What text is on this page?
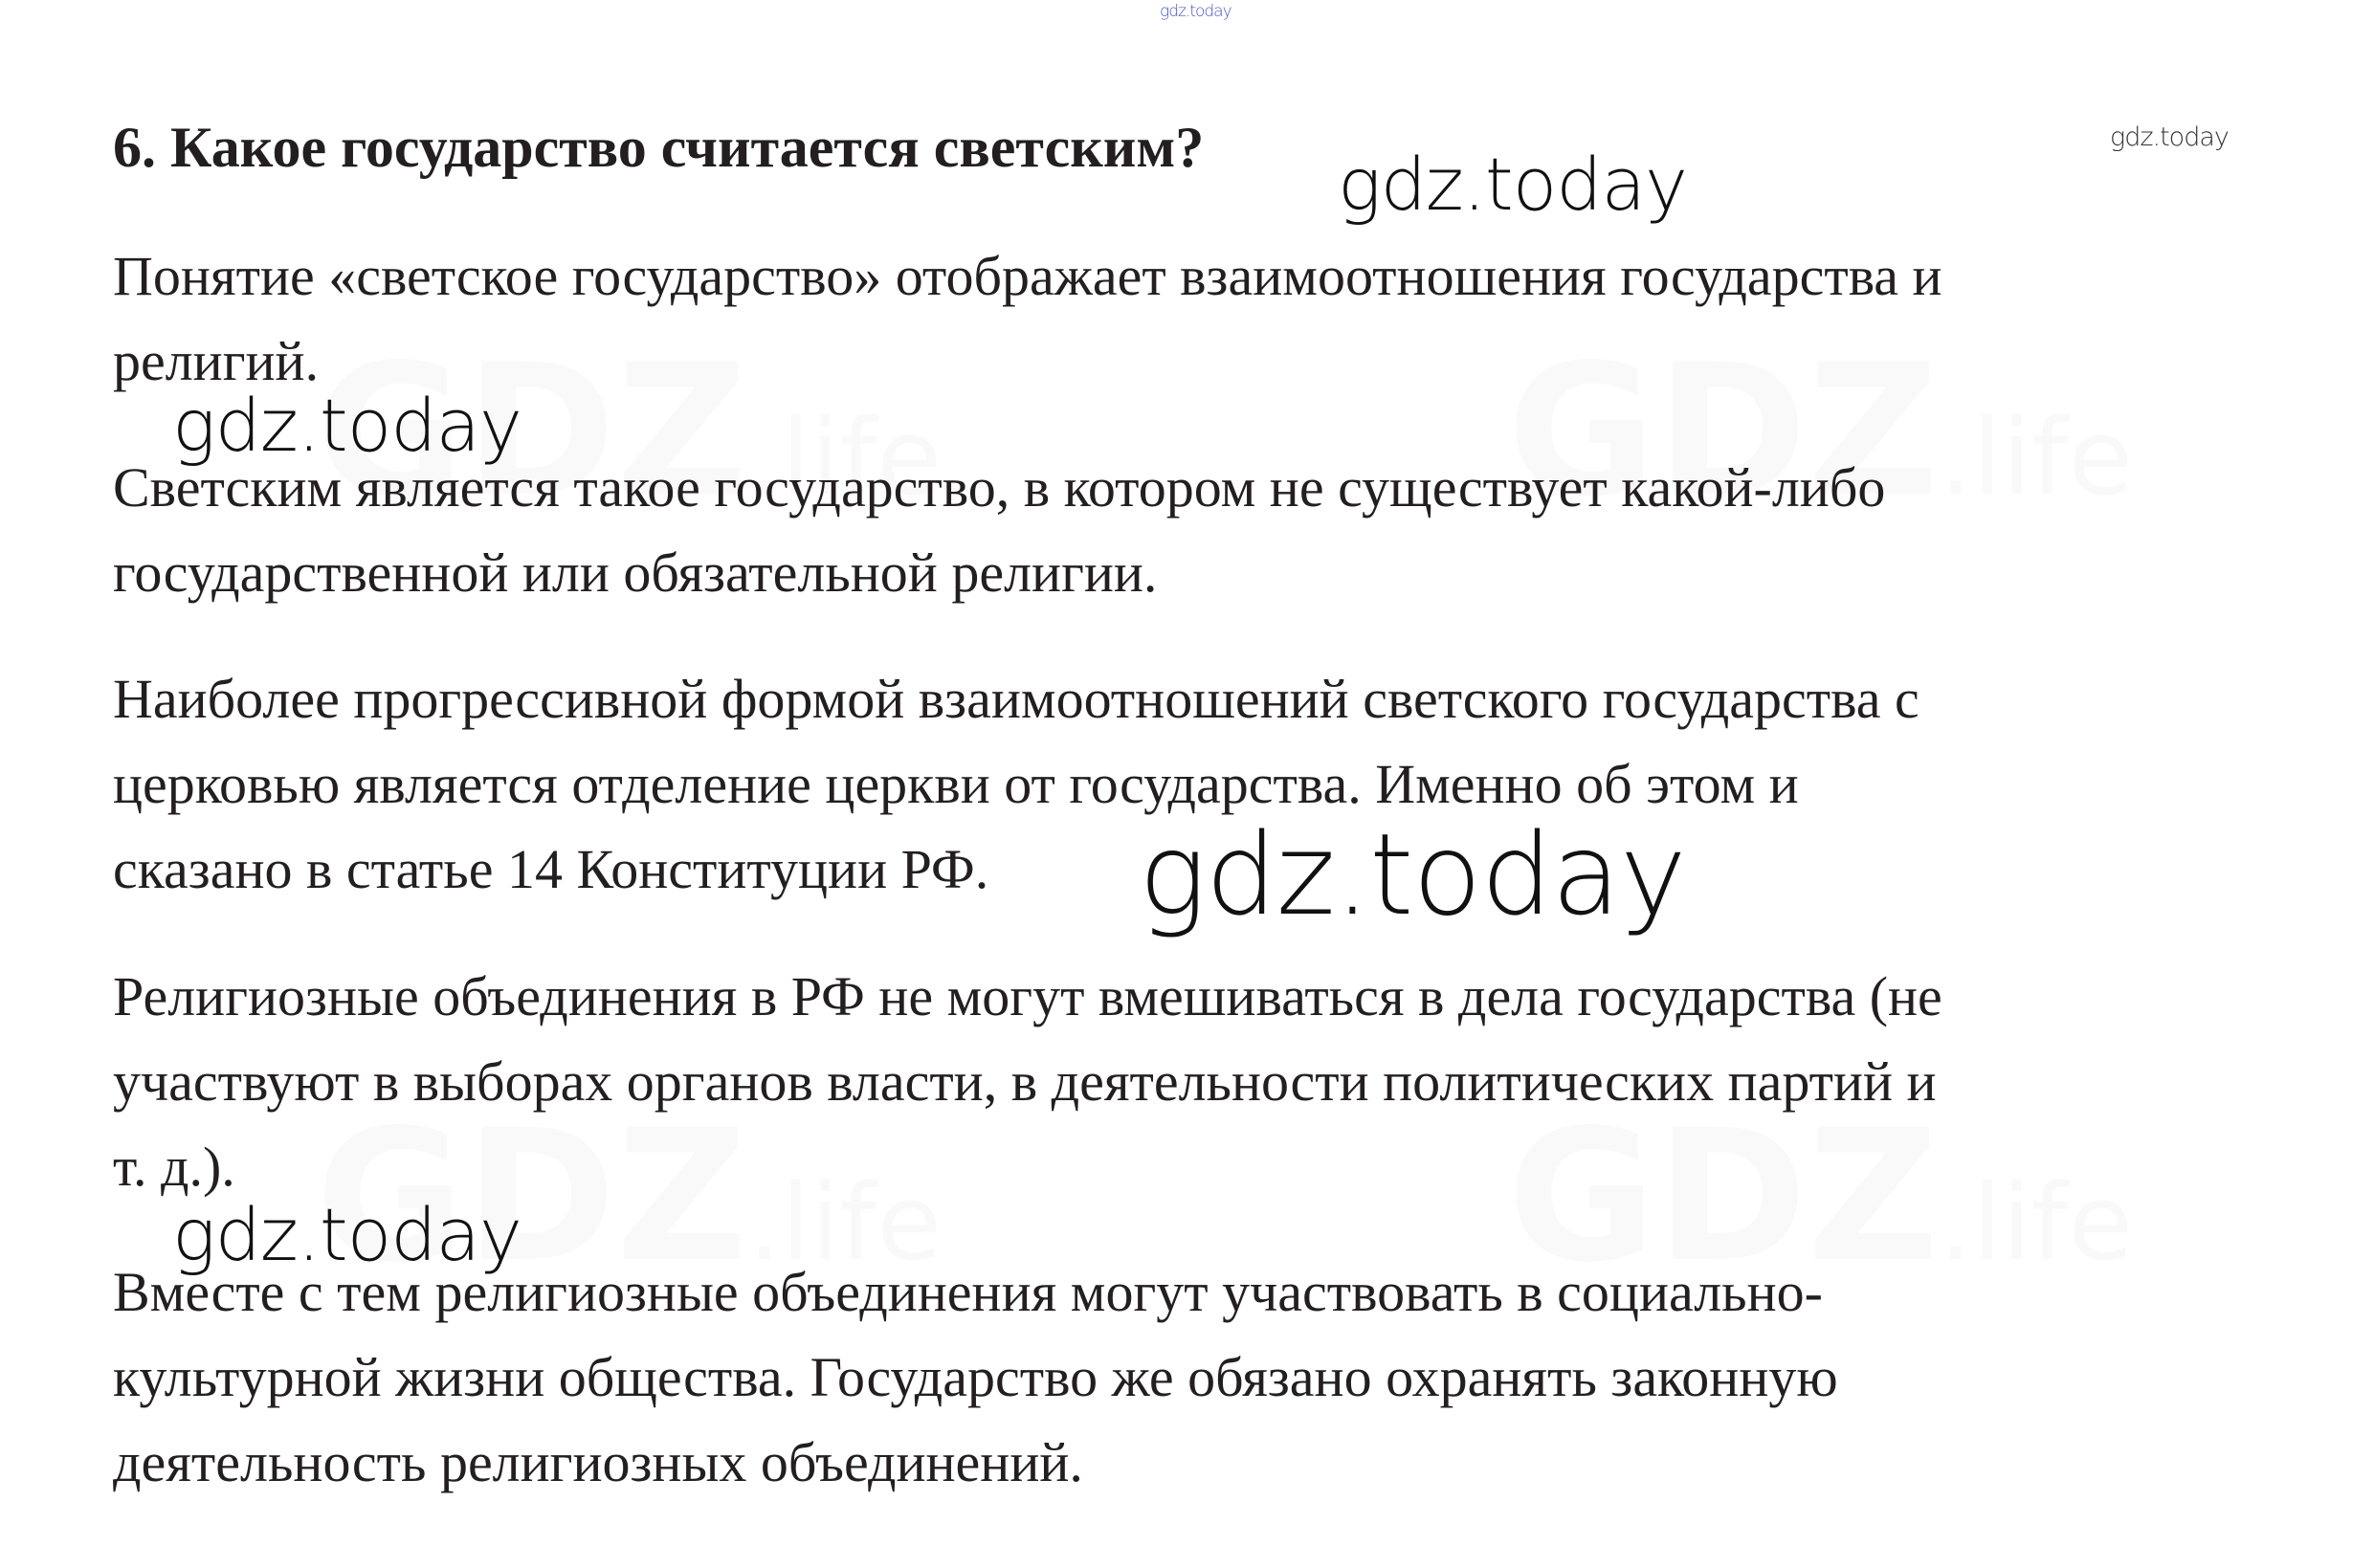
gdz.today
gdz.today
6. Какое государство считается светским? gdz.today

Понятие «светское государство» отображает взаимоотношения государства и
религий.

gdz.today

Светским является такое государство, в котором не существует какой-либо
государственной или обязательной религии.

Наиболее прогрессивной формой взаимоотношений светского государства с
церковью является отделение церкви от государства. Именно об этом и
сказано в статье 14 Конституции РФ.	gdz.today

Религиозные объединения в РФ не могут вмешиваться в дела государства (не
участвуют в выборах органов власти, в деятельности политических партий и
т. д.).

gdz.today

Вместе с тем религиозные объединения могут участвовать в социально-
культурной жизни общества. Государство же обязано охранять законную
деятельность религиозных объединений.
